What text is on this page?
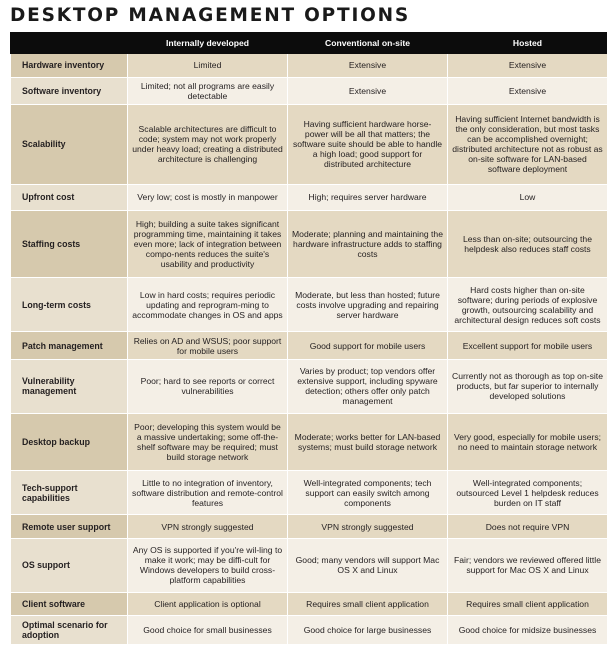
DESKTOP MANAGEMENT OPTIONS
	Internally developed	Conventional on-site	Hosted
Hardware inventory	Limited	Extensive	Extensive
Software inventory	Limited; not all programs are easily detectable	Extensive	Extensive
Scalability	Scalable architectures are difficult to code; system may not work properly under heavy load; creating a distributed architecture is challenging	Having sufficient hardware horse-power will be all that matters; the software suite should be able to handle a high load; good support for distributed architecture	Having sufficient Internet bandwidth is the only consideration, but most tasks can be accomplished overnight; distributed architecture not as robust as on-site software for LAN-based software deployment
Upfront cost	Very low; cost is mostly in manpower	High; requires server hardware	Low
Staffing costs	High; building a suite takes significant programming time, maintaining it takes even more; lack of integration between compo-nents reduces the suite's usability and productivity	Moderate; planning and maintaining the hardware infrastructure adds to staffing costs	Less than on-site; outsourcing the helpdesk also reduces staff costs
Long-term costs	Low in hard costs; requires periodic updating and reprogram-ming to accommodate changes in OS and apps	Moderate, but less than hosted; future costs involve upgrading and repairing server hardware	Hard costs higher than on-site software; during periods of explosive growth, outsourcing scalability and architectural design reduces soft costs
Patch management	Relies on AD and WSUS; poor support for mobile users	Good support for mobile users	Excellent support for mobile users
Vulnerability management	Poor; hard to see reports or correct vulnerabilities	Varies by product; top vendors offer extensive support, including spyware detection; others offer only patch management	Currently not as thorough as top on-site products, but far superior to internally developed solutions
Desktop backup	Poor; developing this system would be a massive undertaking; some off-the-shelf software may be required; must build storage network	Moderate; works better for LAN-based systems; must build storage network	Very good, especially for mobile users; no need to maintain storage network
Tech-support capabilities	Little to no integration of inventory, software distribution and remote-control features	Well-integrated components; tech support can easily switch among components	Well-integrated components; outsourced Level 1 helpdesk reduces burden on IT staff
Remote user support	VPN strongly suggested	VPN strongly suggested	Does not require VPN
OS support	Any OS is supported if you're wil-ling to make it work; may be diffi-cult for Windows developers to build cross-platform capabilities	Good; many vendors will support Mac OS X and Linux	Fair; vendors we reviewed offered little support for Mac OS X and Linux
Client software	Client application is optional	Requires small client application	Requires small client application
Optimal scenario for adoption	Good choice for small businesses	Good choice for large businesses	Good choice for midsize businesses
